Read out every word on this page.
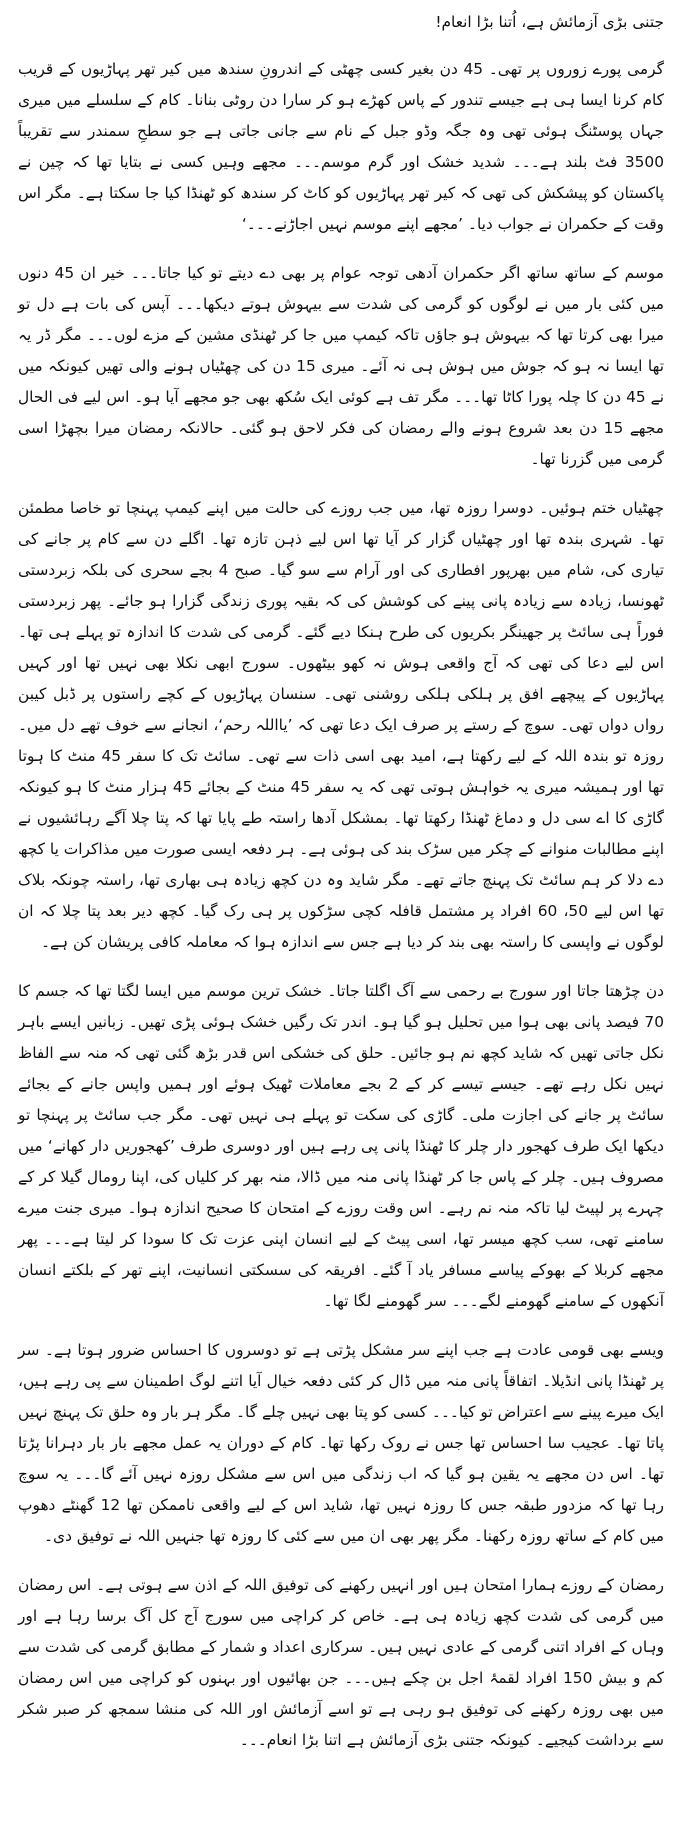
جتنی بڑی آزمائش ہے، اُتنا بڑا انعام!

گرمی پورے زوروں پر تھی۔ 45 دن بغیر کسی چھٹی کے اندرونِ سندھ میں کیر تھر پہاڑیوں کے قریب کام کرنا ایسا ہی ہے جیسے تندور کے پاس کھڑے ہو کر سارا دن روٹی بنانا۔ کام کے سلسلے میں میری جہاں پوسٹنگ ہوئی تھی وہ جگہ وڈو جبل کے نام سے جانی جاتی ہے جو سطحِ سمندر سے تقریباً 3500 فٹ بلند ہے۔۔۔ شدید خشک اور گرم موسم۔۔۔ مجھے وہیں کسی نے بتایا تھا کہ چین نے پاکستان کو پیشکش کی تھی کہ کیر تھر پہاڑیوں کو کاٹ کر سندھ کو ٹھنڈا کیا جا سکتا ہے۔ مگر اس وقت کے حکمران نے جواب دیا۔ ’مجھے اپنے موسم نہیں اجاڑنے۔۔۔‘

موسم کے ساتھ ساتھ اگر حکمران آدھی توجہ عوام پر بھی دے دیتے تو کیا جاتا۔۔۔ خیر ان 45 دنوں میں کئی بار میں نے لوگوں کو گرمی کی شدت سے بیہوش ہوتے دیکھا۔۔۔ آپس کی بات ہے دل تو میرا بھی کرتا تھا کہ بیہوش ہو جاؤں تاکہ کیمپ میں جا کر ٹھنڈی مشین کے مزے لوں۔۔۔ مگر ڈر یہ تھا ایسا نہ ہو کہ جوش میں ہوش ہی نہ آئے۔ میری 15 دن کی چھٹیاں ہونے والی تھیں کیونکہ میں نے 45 دن کا چلہ پورا کاٹا تھا۔۔۔ مگر تف ہے کوئی ایک سُکھ بھی جو مجھے آیا ہو۔ اس لیے فی الحال مجھے 15 دن بعد شروع ہونے والے رمضان کی فکر لاحق ہو گئی۔ حالانکہ رمضان میرا بچھڑا اسی گرمی میں گزرنا تھا۔

چھٹیاں ختم ہوئیں۔ دوسرا روزہ تھا، میں جب روزے کی حالت میں اپنے کیمپ پہنچا تو خاصا مطمئن تھا۔ شہری بندہ تھا اور چھٹیاں گزار کر آیا تھا اس لیے ذہن تازہ تھا۔ اگلے دن سے کام پر جانے کی تیاری کی، شام میں بھرپور افطاری کی اور آرام سے سو گیا۔ صبح 4 بجے سحری کی بلکہ زبردستی ٹھونسا، زیادہ سے زیادہ پانی پینے کی کوشش کی کہ بقیہ پوری زندگی گزارا ہو جائے۔ پھر زبردستی فوراً ہی سائٹ پر جھینگر بکریوں کی طرح ہنکا دیے گئے۔ گرمی کی شدت کا اندازہ تو پہلے ہی تھا۔ اس لیے دعا کی تھی کہ آج واقعی ہوش نہ کھو بیٹھوں۔ سورج ابھی نکلا بھی نہیں تھا اور کہیں پہاڑیوں کے پیچھے افق پر ہلکی ہلکی روشنی تھی۔ سنسان پہاڑیوں کے کچے راستوں پر ڈبل کیبن رواں دواں تھی۔ سوچ کے رستے پر صرف ایک دعا تھی کہ ’یااللہ رحم‘، انجانے سے خوف تھے دل میں۔ روزہ تو بندہ اللہ کے لیے رکھتا ہے، امید بھی اسی ذات سے تھی۔ سائٹ تک کا سفر 45 منٹ کا ہوتا تھا اور ہمیشہ میری یہ خواہش ہوتی تھی کہ یہ سفر 45 منٹ کے بجائے 45 ہزار منٹ کا ہو کیونکہ گاڑی کا اے سی دل و دماغ ٹھنڈا رکھتا تھا۔ بمشکل آدھا راستہ طے پایا تھا کہ پتا چلا آگے رہائشیوں نے اپنے مطالبات منوانے کے چکر میں سڑک بند کی ہوئی ہے۔ ہر دفعہ ایسی صورت میں مذاکرات یا کچھ دے دلا کر ہم سائٹ تک پہنچ جاتے تھے۔ مگر شاید وہ دن کچھ زیادہ ہی بھاری تھا، راستہ چونکہ بلاک تھا اس لیے 50، 60 افراد پر مشتمل قافلہ کچی سڑکوں پر ہی رک گیا۔ کچھ دیر بعد پتا چلا کہ ان لوگوں نے واپسی کا راستہ بھی بند کر دیا ہے جس سے اندازہ ہوا کہ معاملہ کافی پریشان کن ہے۔

دن چڑھتا جاتا اور سورج بے رحمی سے آگ اگلتا جاتا۔ خشک ترین موسم میں ایسا لگتا تھا کہ جسم کا 70 فیصد پانی بھی ہوا میں تحلیل ہو گیا ہو۔ اندر تک رگیں خشک ہوئی پڑی تھیں۔ زبانیں ایسے باہر نکل جاتی تھیں کہ شاید کچھ نم ہو جائیں۔ حلق کی خشکی اس قدر بڑھ گئی تھی کہ منہ سے الفاظ نہیں نکل رہے تھے۔ جیسے تیسے کر کے 2 بجے معاملات ٹھیک ہوئے اور ہمیں واپس جانے کے بجائے سائٹ پر جانے کی اجازت ملی۔ گاڑی کی سکت تو پہلے ہی نہیں تھی۔ مگر جب سائٹ پر پہنچا تو دیکھا ایک طرف کھجور دار چلر کا ٹھنڈا پانی پی رہے ہیں اور دوسری طرف ’کھجوریں دار کھانے‘ میں مصروف ہیں۔ چلر کے پاس جا کر ٹھنڈا پانی منہ میں ڈالا، منہ بھر کر کلیاں کی، اپنا رومال گیلا کر کے چہرے پر لپیٹ لیا تاکہ منہ نم رہے۔ اس وقت روزے کے امتحان کا صحیح اندازہ ہوا۔ میری جنت میرے سامنے تھی، سب کچھ میسر تھا، اسی پیٹ کے لیے انسان اپنی عزت تک کا سودا کر لیتا ہے۔۔۔ پھر مجھے کربلا کے بھوکے پیاسے مسافر یاد آ گئے۔ افریقہ کی سسکتی انسانیت، اپنے تھر کے بلکتے انسان آنکھوں کے سامنے گھومنے لگے۔۔۔ سر گھومنے لگا تھا۔

ویسے بھی قومی عادت ہے جب اپنے سر مشکل پڑتی ہے تو دوسروں کا احساس ضرور ہوتا ہے۔ سر پر ٹھنڈا پانی انڈیلا۔ اتفاقاً پانی منہ میں ڈال کر کئی دفعہ خیال آیا اتنے لوگ اطمینان سے پی رہے ہیں، ایک میرے پینے سے اعتراض تو کیا۔۔۔ کسی کو پتا بھی نہیں چلے گا۔ مگر ہر بار وہ حلق تک پہنچ نہیں پاتا تھا۔ عجیب سا احساس تھا جس نے روک رکھا تھا۔ کام کے دوران یہ عمل مجھے بار بار دہرانا پڑتا تھا۔ اس دن مجھے یہ یقین ہو گیا کہ اب زندگی میں اس سے مشکل روزہ نہیں آئے گا۔۔۔ یہ سوچ رہا تھا کہ مزدور طبقہ جس کا روزہ نہیں تھا، شاید اس کے لیے واقعی ناممکن تھا 12 گھنٹے دھوپ میں کام کے ساتھ روزہ رکھنا۔ مگر پھر بھی ان میں سے کئی کا روزہ تھا جنہیں اللہ نے توفیق دی۔

رمضان کے روزے ہمارا امتحان ہیں اور انہیں رکھنے کی توفیق اللہ کے اذن سے ہوتی ہے۔ اس رمضان میں گرمی کی شدت کچھ زیادہ ہی ہے۔ خاص کر کراچی میں سورج آج کل آگ برسا رہا ہے اور وہاں کے افراد اتنی گرمی کے عادی نہیں ہیں۔ سرکاری اعداد و شمار کے مطابق گرمی کی شدت سے کم و بیش 150 افراد لقمۂ اجل بن چکے ہیں۔۔۔ جن بھائیوں اور بہنوں کو کراچی میں اس رمضان میں بھی روزہ رکھنے کی توفیق ہو رہی ہے تو اسے آزمائش اور اللہ کی منشا سمجھ کر صبر شکر سے برداشت کیجیے۔ کیونکہ جتنی بڑی آزمائش ہے اتنا بڑا انعام۔۔۔
